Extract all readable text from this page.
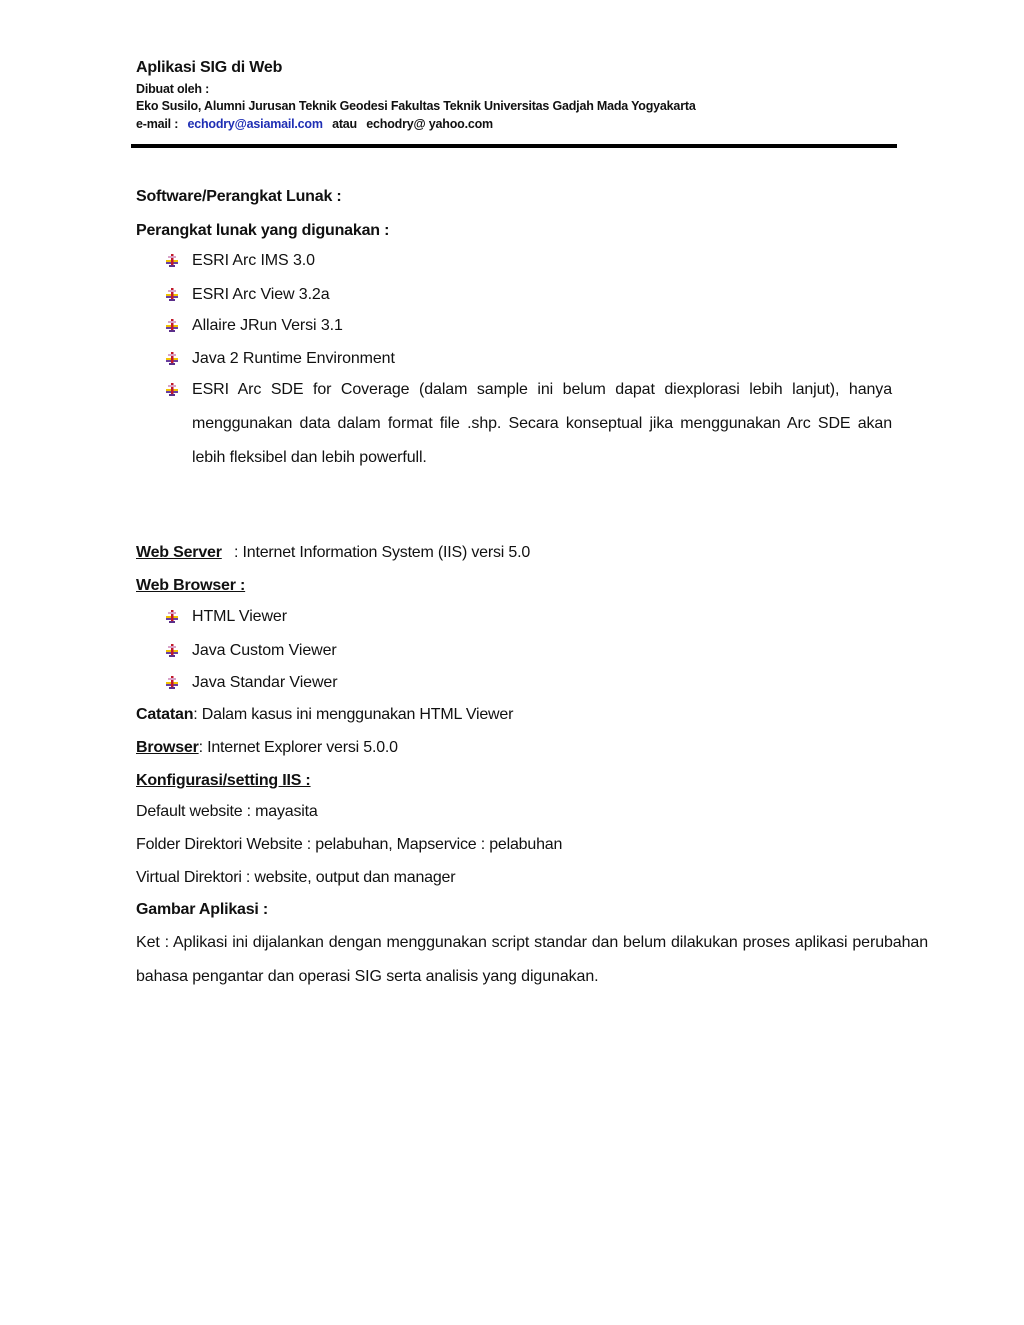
Aplikasi SIG di Web
Dibuat oleh :
Eko Susilo, Alumni Jurusan Teknik Geodesi Fakultas Teknik Universitas Gadjah Mada Yogyakarta
e-mail : echodry@asiamail.com atau echodry@ yahoo.com
Software/Perangkat Lunak :
Perangkat lunak yang digunakan :
ESRI Arc IMS 3.0
ESRI Arc View 3.2a
Allaire JRun Versi 3.1
Java 2 Runtime Environment
ESRI Arc SDE for Coverage (dalam sample ini belum dapat diexplorasi lebih lanjut), hanya menggunakan data dalam format file .shp. Secara konseptual jika menggunakan Arc SDE akan lebih fleksibel dan lebih powerfull.
Web Server : Internet Information System (IIS) versi 5.0
Web Browser :
HTML Viewer
Java Custom Viewer
Java Standar Viewer
Catatan: Dalam kasus ini menggunakan HTML Viewer
Browser: Internet Explorer versi 5.0.0
Konfigurasi/setting IIS :
Default website : mayasita
Folder Direktori Website : pelabuhan, Mapservice : pelabuhan
Virtual Direktori : website, output dan manager
Gambar Aplikasi :
Ket : Aplikasi ini dijalankan dengan menggunakan script standar dan belum dilakukan proses aplikasi perubahan bahasa pengantar dan operasi SIG serta analisis yang digunakan.
